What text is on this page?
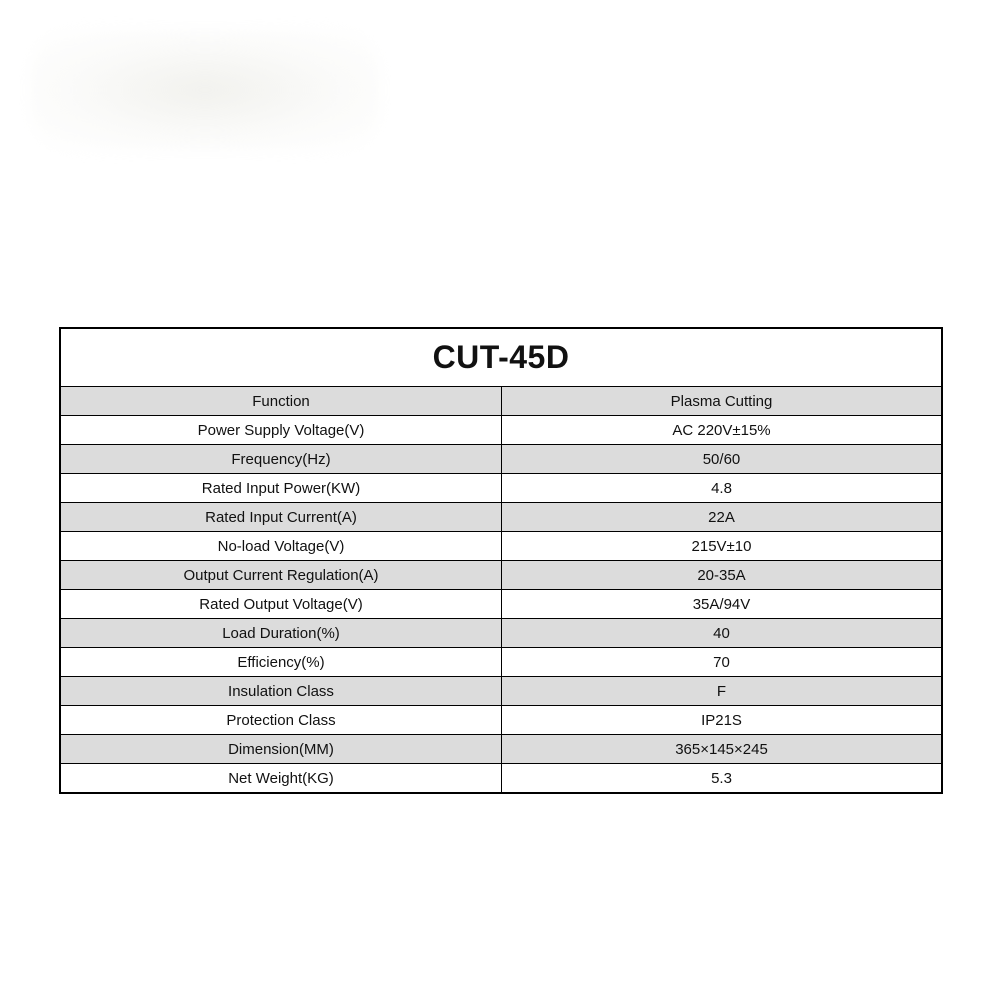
CUT-45D
Function	Plasma Cutting
Power Supply Voltage(V)	AC 220V±15%
Frequency(Hz)	50/60
Rated Input Power(KW)	4.8
Rated Input Current(A)	22A
No-load Voltage(V)	215V±10
Output Current Regulation(A)	20-35A
Rated Output Voltage(V)	35A/94V
Load Duration(%)	40
Efficiency(%)	70
Insulation Class	F
Protection Class	IP21S
Dimension(MM)	365×145×245
Net Weight(KG)	5.3
